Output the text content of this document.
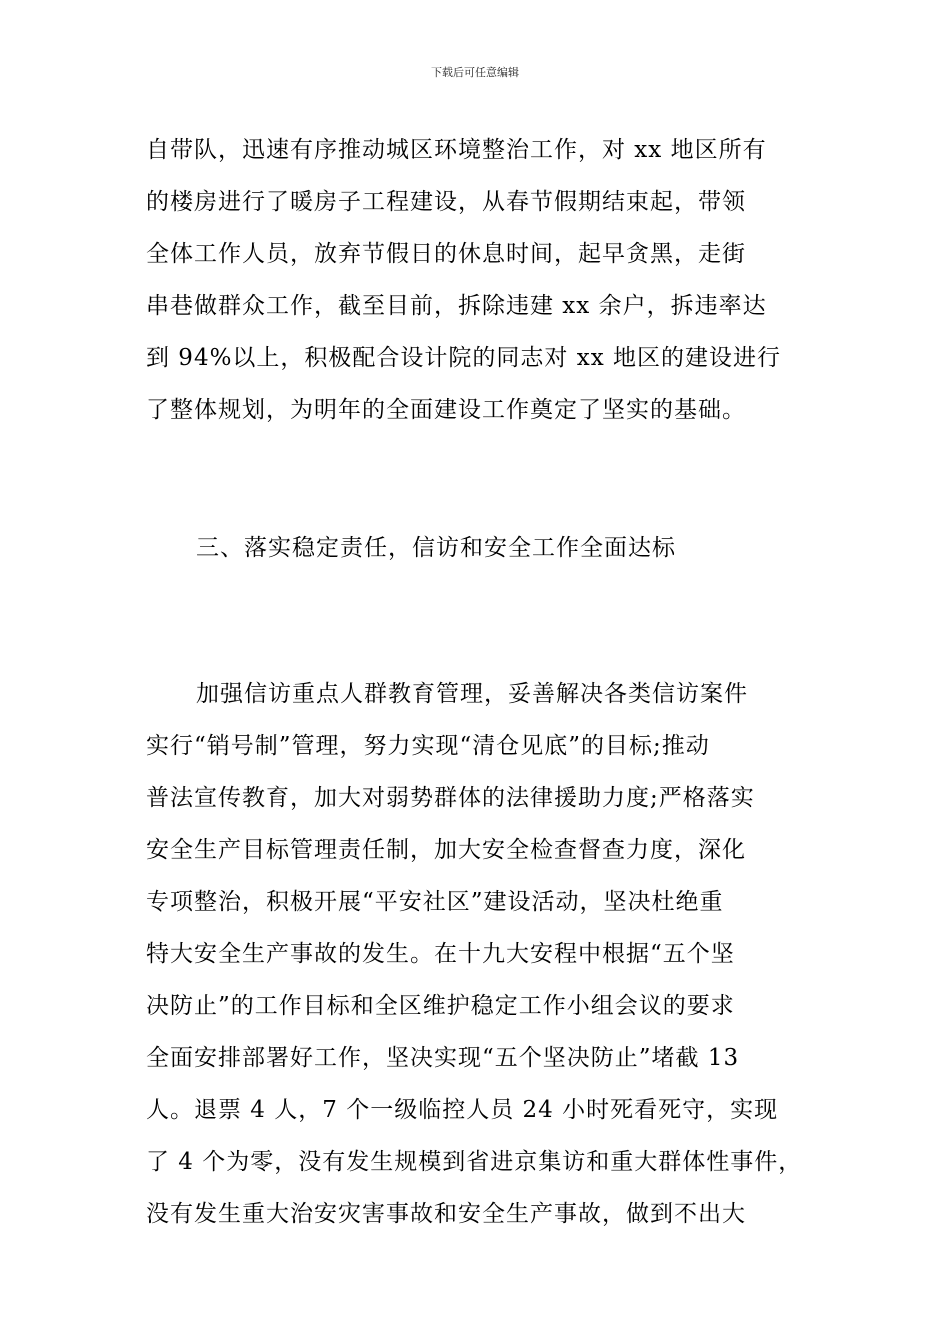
下载后可任意编辑
自带队，迅速有序推动城区环境整治工作，对 xx 地区所有
的楼房进行了暖房子工程建设，从春节假期结束起，带领
全体工作人员，放弃节假日的休息时间，起早贪黑，走街
串巷做群众工作，截至目前，拆除违建 xx 余户，拆违率达
到 94%以上，积极配合设计院的同志对 xx 地区的建设进行
了整体规划，为明年的全面建设工作奠定了坚实的基础。
三、落实稳定责任，信访和安全工作全面达标
加强信访重点人群教育管理，妥善解决各类信访案件
实行“销号制”管理，努力实现“清仓见底”的目标;推动
普法宣传教育，加大对弱势群体的法律援助力度;严格落实
安全生产目标管理责任制，加大安全检查督查力度，深化
专项整治，积极开展“平安社区”建设活动，坚决杜绝重
特大安全生产事故的发生。在十九大安程中根据“五个坚
决防止”的工作目标和全区维护稳定工作小组会议的要求
全面安排部署好工作，坚决实现“五个坚决防止”堵截 13
人。退票 4 人，7 个一级临控人员 24 小时死看死守，实现
了 4 个为零，没有发生规模到省进京集访和重大群体性事件，
没有发生重大治安灾害事故和安全生产事故，做到不出大
